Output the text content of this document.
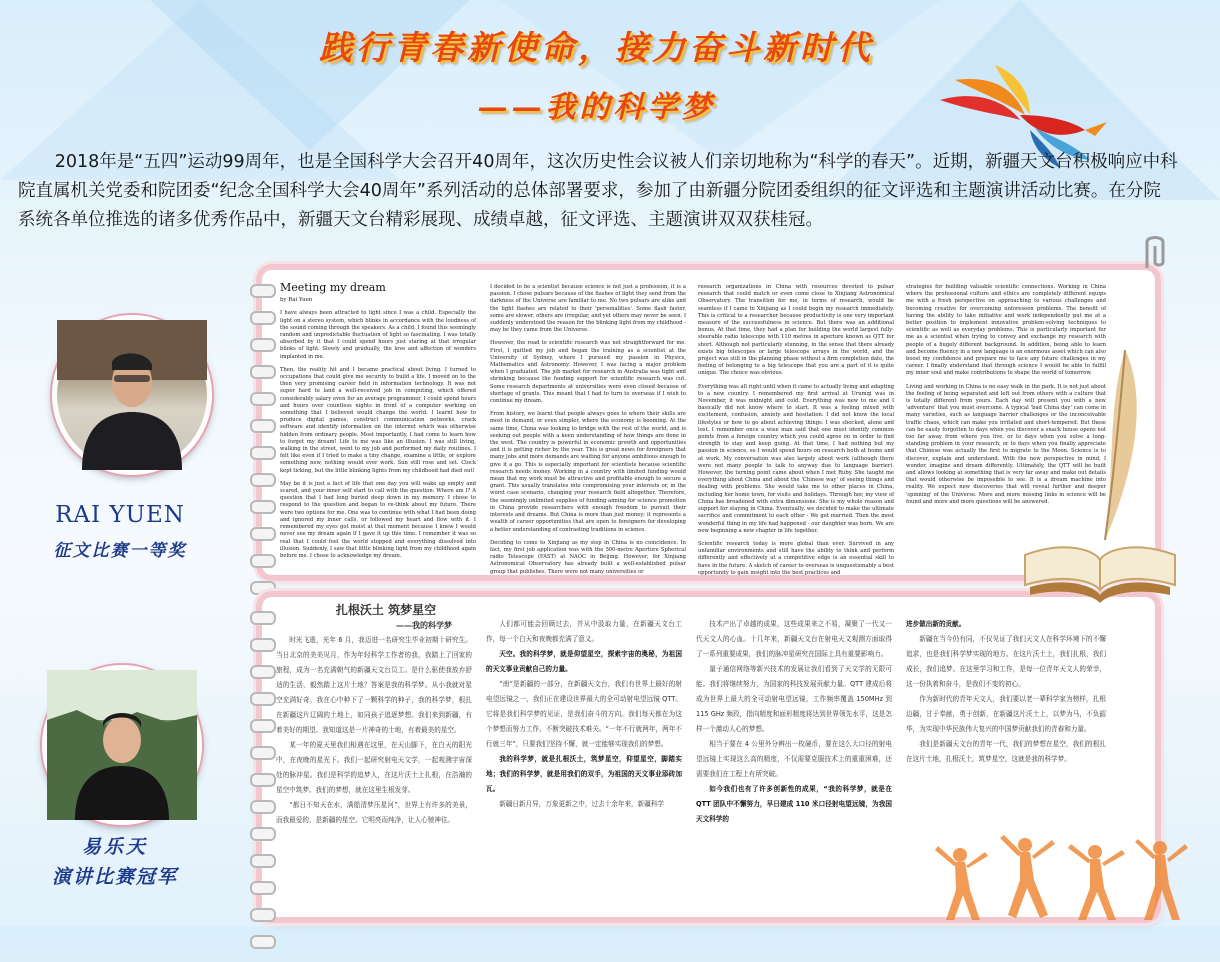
践行青春新使命，接力奋斗新时代
——我的科学梦

2018年是“五四”运动99周年，也是全国科学大会召开40周年，这次历史性会议被人们亲切地称为“科学的春天”。近期，新疆天文台积极响应中科院直属机关党委和院团委“纪念全国科学大会40周年”系列活动的总体部署要求，参加了由新疆分院团委组织的征文评选和主题演讲活动比赛。在分院系统各单位推选的诸多优秀作品中，新疆天文台精彩展现、成绩卓越，征文评选、主题演讲双双获桂冠。

Meeting my dream
by Rai Yuen

I have always been attracted to light since I was a child. Especially the light on a stereo system, which blinks in accordance with the loudness of the sound coming through the speakers. As a child, I found this seemingly random and unpredictable fluctuation of light so fascinating. I was totally absorbed by it that I could spend hours just staring at that irregular blinks of light. Slowly and gradually, the love and affection of wonders implanted in me.

Then, the reality hit and I became practical about living. I turned to occupations that could give me security to build a life. I moved on to the then very promising career field in information technology. It was not super hard to land a well-received job in computing, which offered considerably salary even for an average programmer, I could spend hours and hours over countless nights in front of a computer working on something that I believed would change the world. I learnt how to produce digital games, construct communication networks, crack software and identify information on the internet which was otherwise hidden from ordinary people. Most importantly, I had come to learn how to forget my dream! Life to me was like an illusion. I was still living, walking in the street, went to my job and performed my daily routines. I felt like even if I tried to make a tiny change, examine a little, or explore something new, nothing would ever work. Sun still rose and set. Clock kept ticking, but the little blinking lights from my childhood had died out!

May be it is just a fact of life that one day you will wake up empty and scared, and your inner self start to call with the question: Where am I? A question that I had long buried deep down in my memory. I chose to respond to the question and began to re-think about my future. There were two options for me. One was to continue with what I had been doing and ignored my inner calls, or followed my heart and flow with it. I remembered my eyes got moist at that moment because I knew I would never see my dream again if I gave it up this time. I remember it was so real that I could feel the world stopped and everything dissolved into illusion. Suddenly, I saw that little blinking light from my childhood again before me. I chose to acknowledge my dream.

I decided to be a scientist because science is not just a profession, it is a passion. I chose pulsars because of the flashes of light they send from the darkness of the Universe are familiar to me. No two pulsars are alike and the light flashes are related to their 'personalities'. Some flash faster, some are slower, others are irregular, and yet others may never be seen. I suddenly understood the reason for the blinking light from my childhood - may be they came from the Universe.

However, the road to scientific research was not straightforward for me. First, I quitted my job and began the training as a scientist at the University of Sydney, where I pursued my passion in Physics, Mathematics and Astronomy. However, I was facing a major problem when I graduated. The job market for research in Australia was tight and shrinking because the funding support for scientific research was cut. Some research departments at universities were even closed because of shortage of grants. This meant that I had to turn to overseas if I wish to continue my dream.

From history, we learnt that people always goes to where their skills are most in demand, or even simpler, where the economy is booming. At the same time, China was looking to bridge with the rest of the world, and is seeking out people with a keen understanding of how things are done in the west. The country is powerful in economic growth and opportunities and it is getting richer by the year. This is great news for foreigners that many jobs and more demands are waiting for anyone ambitious enough to give it a go. This is especially important for scientists because scientific research needs money. Working in a country with limited funding would mean that my work must be attractive and profitable enough to secure a grant. This usually translates into compromising your interests or, in the worst case scenario, changing your research field altogether. Therefore, the seemingly unlimited supplies of funding aiming for science promotion in China provide researchers with enough freedom to pursuit their interests and dreams. But China is more than just money; it represents a wealth of career opportunities that are open to foreigners for developing a better understanding of contrasting traditions in science.

Deciding to come to Xinjiang as my step in China is no coincidence. In fact, my first job application was with the 500-metre Aperture Spherical radio Telescope (FAST) at NAOC in Beijing. However, for Xinjiang Astronomical Observatory has already built a well-established pulsar group that publishes. There were not many universities or

research organizations in China with resources devoted to pulsar research that could match or even come close to Xinjiang Astronomical Observatory. The transition for me, in terms of research, would be seamless if I came to Xinjiang as I could begin my research immediately. This is critical to a researcher because productivity is one very important measure of the successfulness in science. But there was an additional bonus. At that time, they had a plan for building the world largest fully-steerable radio telescope with 110 metres in aperture known as QTT for short. Although not particularly stunning, in the sense that there already exists big telescopes or large telescope arrays in the world, and the project was still in the planning phase without a firm completion date, the feeling of belonging to a big telescope that you are a part of it is quite unique. The choice was obvious.

Everything was all right until when it came to actually living and adapting to a new country. I remembered my first arrival at Urumqi was in November, it was midnight and cold. Everything was new to me and I basically did not know where to start. It was a feeling mixed with excitement, confusion, anxiety and hesitation. I did not know the local lifestyles or how to go about achieving things. I was shocked, alone and lost. I remember once a wise man said that one must identify common points from a foreign country which you could agree on in order to find strength to stay and keep going. At that time, I had nothing but my passion in science, so I would spend hours on research both at home and at work. My conversation was also largely about work (although there were not many people to talk to anyway due to language barrier). However, the turning point came about when I met Ruby. She taught me everything about China and about the 'Chinese way' of seeing things and dealing with problems. She would take me to other places in China, including her home town, for visits and holidays. Through her, my view of China has broadened with extra dimensions. She is my whole reason and support for staying in China. Eventually, we decided to make the ultimate sacrifice and commitment to each other - We got married. Then the most wonderful thing in my life had happened - our daughter was born. We are now beginning a new chapter in life together.

Scientific research today is more global than ever. Survived in any unfamiliar environments and still have the ability to think and perform differently and effectively at a competitive edge is an essential skill to have in the future. A sketch of career to overseas is unquestionably a best opportunity to gain insight into the best practices and

strategies for building valuable scientific connections. Working in China where the professional culture and ethics are completely different equips me with a fresh perspective on approaching to various challenges and becoming creative for overcoming unforeseen problems. The benefit of having the ability to take initiative and work independently put me at a better position to implement innovative problem-solving techniques to scientific as well as everyday problems. This is particularly important for me as a scientist when trying to convey and exchange my research with people of a hugely different background. In addition, being able to learn and become fluency in a new language is an enormous asset which can also boost my confidence and prepare me to face any future challenges in my career. I finally understand that through science I would be able to fulfill my inner soul and make contributions to shape the world of tomorrow.

Living and working in China is no easy walk in the park. It is not just about the feeling of being separated and left out from others with a culture that is totally different from yours. Each day will present you with a new 'adventure' that you must overcome. A typical 'bad China day' can come in many varieties, such as language barrier challenges or the inconceivable traffic chaos, which can make you irritated and short-tempered. But these can be easily forgotten to days when you discover a snack house opens not too far away from where you live, or to days when you solve a long-standing problem in your research, or to days when you finally appreciate that Chinese was actually the first to migrate to the Moon. Science is to discover, explain and understand. With the new perspective in mind, I wonder, imagine and dream differently. Ultimately, the QTT will be built and allows looking at something that is very far away and make out details that would otherwise be impossible to see. It is a dream machine into reality. We expect new discoveries that will reveal further and deeper 'spinning' of the Universe. More and more missing links in science will be found and more and more questions will be answered.

扎根沃土 筑梦星空

——我的科学梦

时光飞逝，光年 6 月，我迈进一名研究生毕业初期十研究生。当日北京的美美见月，作为年轻科学工作者的我，我踏上了回家的旅程，成为一名充满朝气的新疆天文台员工。是什么驱使我放弃舒适的生活，毅然踏上这片土地？答案是我的科学梦。从小我就对星空充满好奇，我在心中种下了一颗科学的种子，我的科学梦，根扎在新疆这片辽阔的土地上，如同孩子追逐梦想。我们来到新疆，有着美好的期望。我知道这是一片神奇的土地，有着最美的星空。

某一年的夏天里我们相遇在这里，在天山脚下，在白天的阳光中，在夜晚的星光下。我们一起研究射电天文学，一起观测宇宙深处的脉冲星。我们是科学的追梦人，在这片沃土上扎根，在浩瀚的星空中筑梦。我们的梦想，就在这里生根发芽。

“都日不知天在水，满船清梦压星河”，世界上有许多的美景，而我最爱的，是新疆的星空。它明亮而纯净，让人心驰神往。

人们都可能会回顾过去，并从中汲取力量，在新疆天文台工作，每一个白天和夜晚都充满了意义。

天空。我的科学梦，就是仰望星空，探索宇宙的奥秘，为祖国的天文事业贡献自己的力量。

“南”是新疆的一部分，在新疆天文台，我们有世界上最好的射电望远镜之一，我们正在建设世界最大的全可动射电望远镜 QTT。它将是我们科学梦的见证，是我们奋斗的方向。我们每天都在为这个梦想而努力工作，不断突破技术难关。“一年不行就两年，两年不行就三年”，只要我们坚持不懈，就一定能够实现我们的梦想。

我的科学梦，就是扎根沃土，筑梦星空，仰望星空，脚踏实地；我们的科学梦，就是用我们的双手，为祖国的天文事业添砖加瓦。

新疆日新月异，万象更新之中，过去十余年来，新疆科学

技术产出了卓越的成果，这些成果来之不易，凝聚了一代又一代天文人的心血。十几年来，新疆天文台在射电天文观测方面取得了一系列重要成果，我们的脉冲星研究在国际上具有重要影响力。

量子通信网络等新兴技术的发展让我们看到了天文学的无限可能。我们将继续努力，为国家的科技发展贡献力量。QTT 建成后将成为世界上最大的全可动射电望远镜，工作频率覆盖 150MHz 到 115 GHz 频段，指向精度和面形精度将达到世界领先水平，这是怎样一个激动人心的梦想。

相当于要在 4 公里外分辨出一枚硬币，要在这么大口径的射电望远镜上实现这么高的精度，不仅需要克服技术上的重重困难，还需要我们在工程上有所突破。

如今我们也有了许多创新性的成果，“我的科学梦，就是在 QTT 团队中不懈努力，早日建成 110 米口径射电望远镜，为我国天文科学的

进步做出新的贡献。

新疆在当今仍有同，不仅见证了我们天文人在科学环境下的不懈追求，也是我们科学梦实现的地方。在这片沃土上，我们扎根，我们成长，我们追梦。在这里学习和工作，是每一位青年天文人的荣幸，这一份执着和奋斗，是我们不变的初心。

作为新时代的青年天文人，我们要以老一辈科学家为榜样，扎根边疆，甘于奉献，勇于创新，在新疆这片沃土上，以梦为马，不负韶华，为实现中华民族伟大复兴的中国梦贡献我们的青春和力量。

我们是新疆天文台的青年一代，我们的梦想在星空，我们的根扎在这片土地，扎根沃土，筑梦星空，这就是我的科学梦。

RAI YUEN
征文比赛一等奖
易乐天
演讲比赛冠军
